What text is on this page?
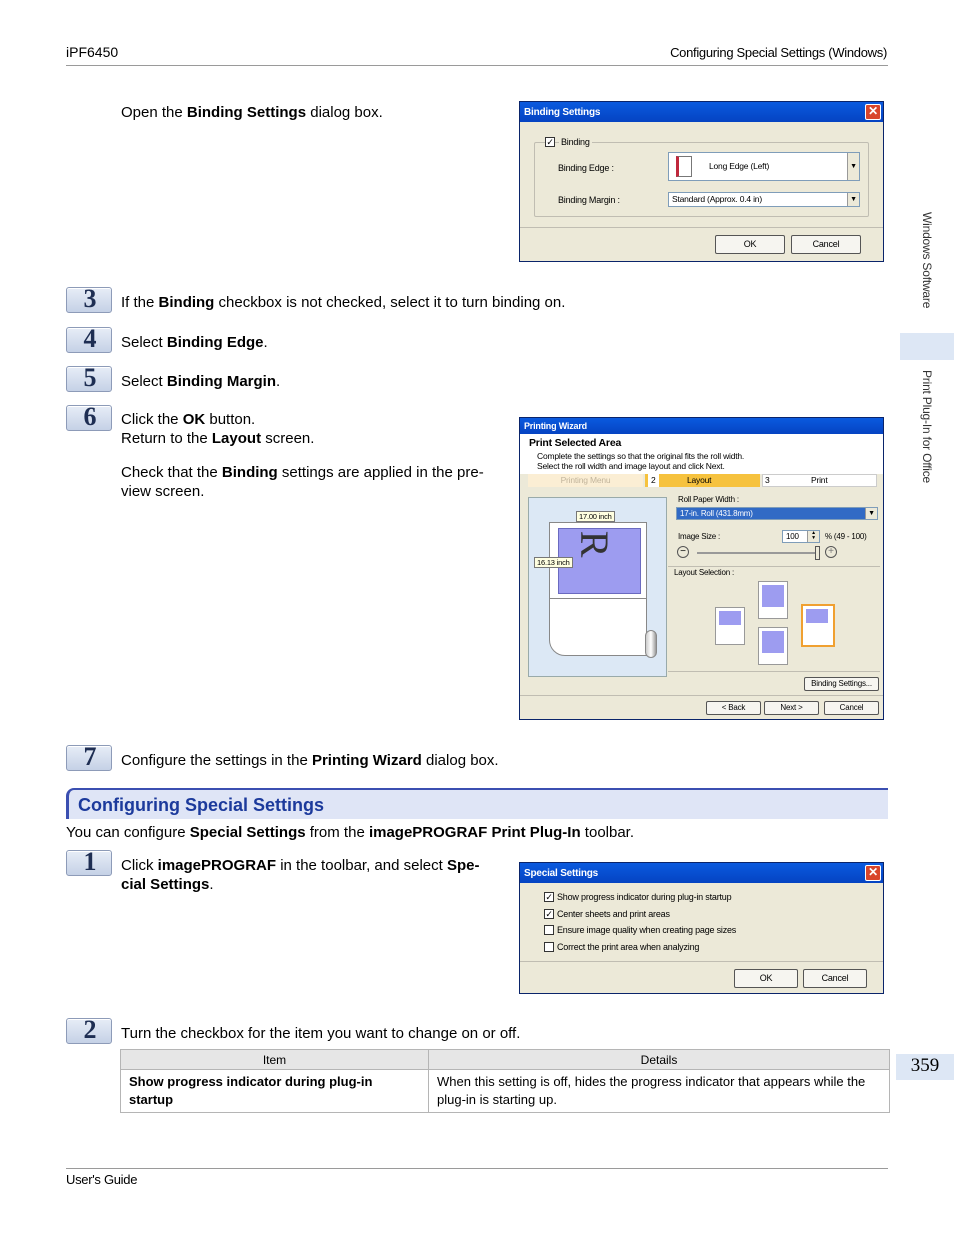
iPF6450	Configuring Special Settings (Windows)
Windows Software
Print Plug-In for Office
359
Open the Binding Settings dialog box.	Binding Settings	✕
✓ Binding
Binding Edge :	Long Edge (Left)	▼
Binding Margin :	Standard (Approx. 0.4 in)	▼
OK	Cancel
3	If the Binding checkbox is not checked, select it to turn binding on.
4	Select Binding Edge.
5	Select Binding Margin.
6	Click the OK button.
Return to the Layout screen.
Check that the Binding settings are applied in the pre-
view screen.
Printing Wizard
Print Selected Area
Complete the settings so that the original fits the roll width.
Select the roll width and image layout and click Next.
Printing Menu	2	Layout	3	Print
R
17.00 inch
16.13 inch
Roll Paper Width :
17-in. Roll (431.8mm)	▼
Image Size :	100	▲
▼	% (49 - 100)
−	+
Layout Selection :
Binding Settings...
< Back	Next >	Cancel
7	Configure the settings in the Printing Wizard dialog box.
Configuring Special Settings
You can configure Special Settings from the imagePROGRAF Print Plug-In toolbar.
1	Click imagePROGRAF in the toolbar, and select Spe-
cial Settings.
Special Settings	✕
✓ Show progress indicator during plug-in startup
✓ Center sheets and print areas
Ensure image quality when creating page sizes
Correct the print area when analyzing
OK	Cancel
2	Turn the checkbox for the item you want to change on or off.
Item	Details
Show progress indicator during plug-in startup	When this setting is off, hides the progress indicator that appears while the plug-in is starting up.
User's Guide
